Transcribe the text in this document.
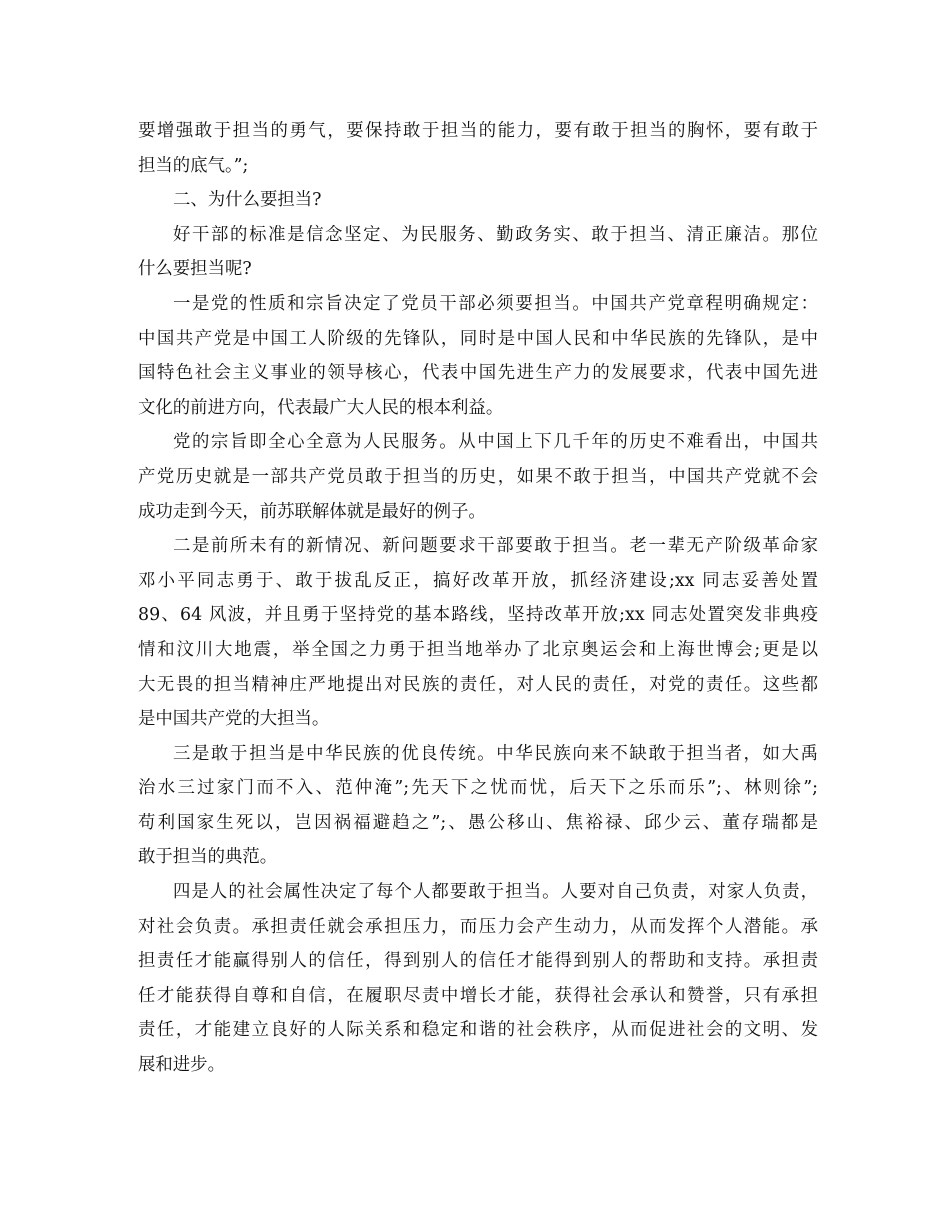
要增强敢于担当的勇气，要保持敢于担当的能力，要有敢于担当的胸怀，要有敢于
担当的底气。”;
二、为什么要担当?
好干部的标准是信念坚定、为民服务、勤政务实、敢于担当、清正廉洁。那位
什么要担当呢?
一是党的性质和宗旨决定了党员干部必须要担当。中国共产党章程明确规定：
中国共产党是中国工人阶级的先锋队，同时是中国人民和中华民族的先锋队，是中
国特色社会主义事业的领导核心，代表中国先进生产力的发展要求，代表中国先进
文化的前进方向，代表最广大人民的根本利益。
党的宗旨即全心全意为人民服务。从中国上下几千年的历史不难看出，中国共
产党历史就是一部共产党员敢于担当的历史，如果不敢于担当，中国共产党就不会
成功走到今天，前苏联解体就是最好的例子。
二是前所未有的新情况、新问题要求干部要敢于担当。老一辈无产阶级革命家
邓小平同志勇于、敢于拔乱反正，搞好改革开放，抓经济建设;xx 同志妥善处置
89、64 风波，并且勇于坚持党的基本路线，坚持改革开放;xx 同志处置突发非典疫
情和汶川大地震，举全国之力勇于担当地举办了北京奥运会和上海世博会;更是以
大无畏的担当精神庄严地提出对民族的责任，对人民的责任，对党的责任。这些都
是中国共产党的大担当。
三是敢于担当是中华民族的优良传统。中华民族向来不缺敢于担当者，如大禹
治水三过家门而不入、范仲淹”;先天下之忧而忧，后天下之乐而乐”;、林则徐”;
苟利国家生死以，岂因祸福避趋之”;、愚公移山、焦裕禄、邱少云、董存瑞都是
敢于担当的典范。
四是人的社会属性决定了每个人都要敢于担当。人要对自己负责，对家人负责，
对社会负责。承担责任就会承担压力，而压力会产生动力，从而发挥个人潜能。承
担责任才能赢得别人的信任，得到别人的信任才能得到别人的帮助和支持。承担责
任才能获得自尊和自信，在履职尽责中增长才能，获得社会承认和赞誉，只有承担
责任，才能建立良好的人际关系和稳定和谐的社会秩序，从而促进社会的文明、发
展和进步。
